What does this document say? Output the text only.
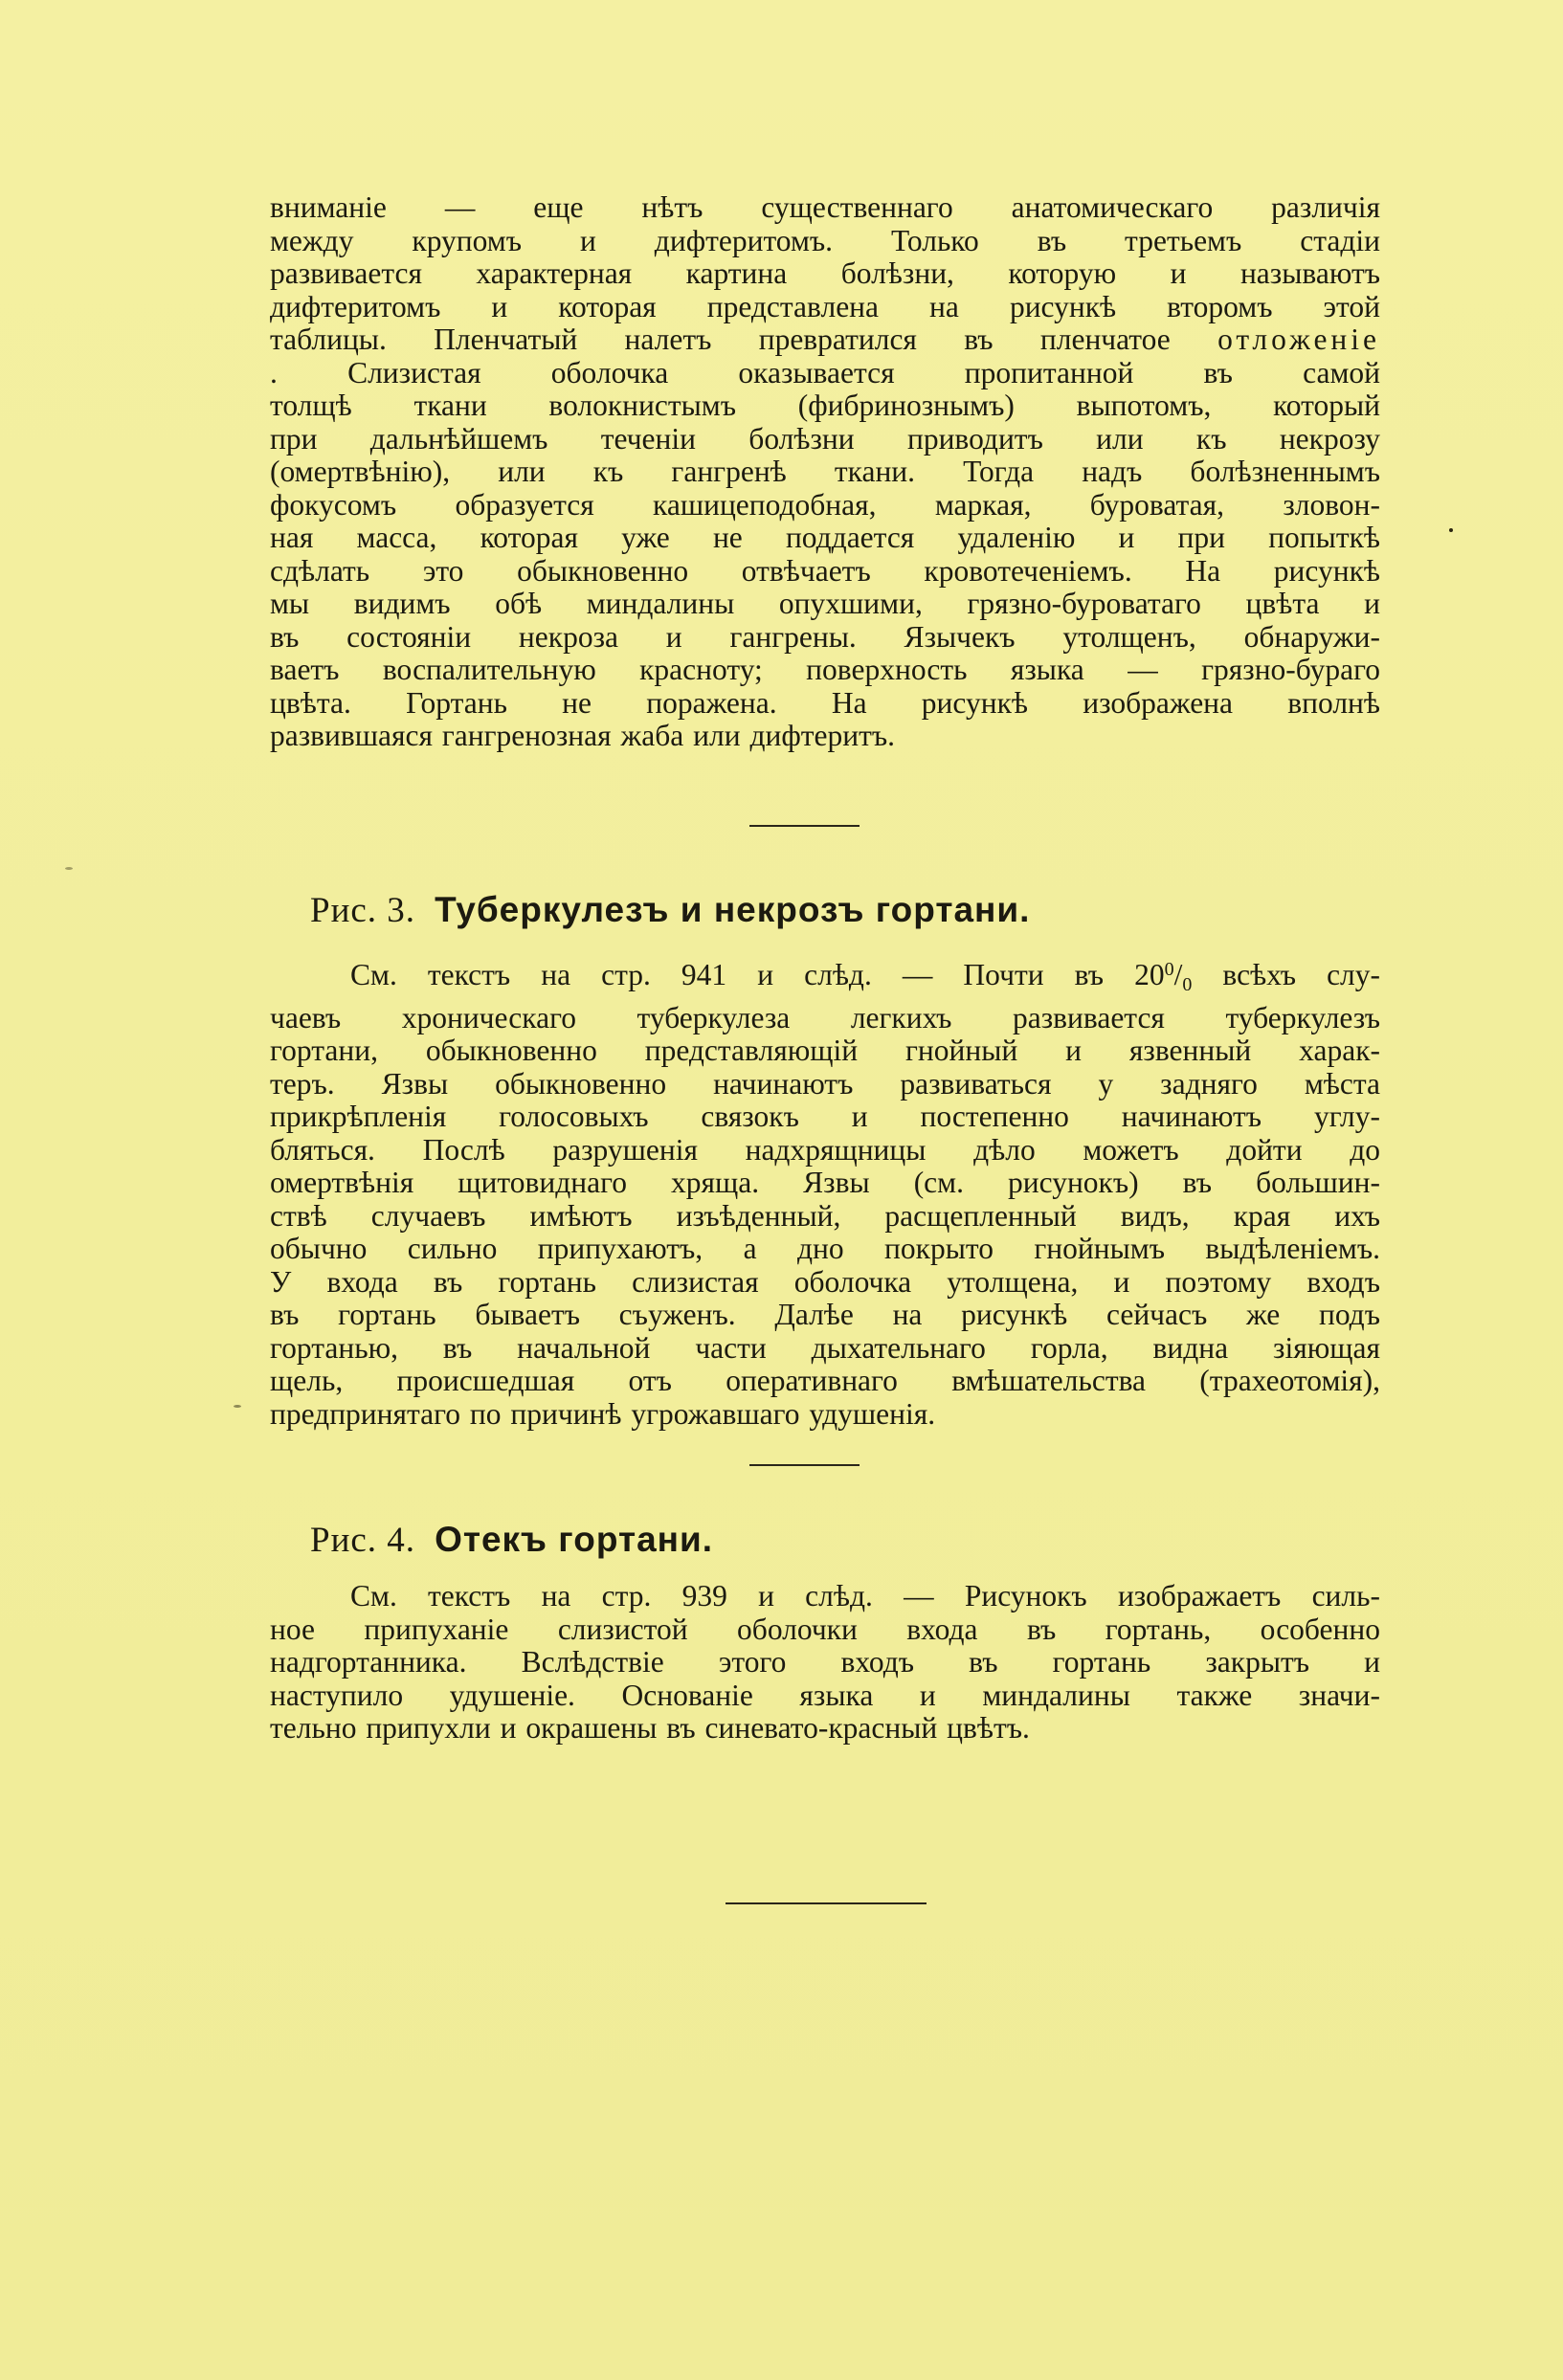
вниманіе — еще нѣтъ существеннаго анатомическаго различія

между крупомъ и дифтеритомъ. Только въ третьемъ стадіи

развивается характерная картина болѣзни, которую и называютъ

дифтеритомъ и которая представлена на рисункѣ второмъ этой

таблицы. Пленчатый налетъ превратился въ пленчатое отложеніе

. Слизистая оболочка оказывается пропитанной въ самой

толщѣ ткани волокнистымъ (фибринознымъ) выпотомъ, который

при дальнѣйшемъ теченіи болѣзни приводитъ или къ некрозу

(омертвѣнію), или къ гангренѣ ткани. Тогда надъ болѣзненнымъ

фокусомъ образуется кашицеподобная, маркая, буроватая, зловон-

ная масса, которая уже не поддается удаленію и при попыткѣ

сдѣлать это обыкновенно отвѣчаетъ кровотеченіемъ. На рисункѣ

мы видимъ обѣ миндалины опухшими, грязно-буроватаго цвѣта и

въ состояніи некроза и гангрены. Язычекъ утолщенъ, обнаружи-

ваетъ воспалительную красноту; поверхность языка — грязно-бураго

цвѣта. Гортань не поражена. На рисункѣ изображена вполнѣ

развившаяся гангренозная жаба или дифтеритъ.

Рис. 3. Туберкулезъ и некрозъ гортани.

См. текстъ на стр. 941 и слѣд. — Почти въ $20^0/_0$ всѣхъ слу-

чаевъ хроническаго туберкулеза легкихъ развивается туберкулезъ

гортани, обыкновенно представляющій гнойный и язвенный харак-

теръ. Язвы обыкновенно начинаютъ развиваться у задняго мѣста

прикрѣпленія голосовыхъ связокъ и постепенно начинаютъ углу-

бляться. Послѣ разрушенія надхрящницы дѣло можетъ дойти до

омертвѣнія щитовиднаго хряща. Язвы (см. рисунокъ) въ большин-

ствѣ случаевъ имѣютъ изъѣденный, расщепленный видъ, края ихъ

обычно сильно припухаютъ, а дно покрыто гнойнымъ выдѣленіемъ.

У входа въ гортань слизистая оболочка утолщена, и поэтому входъ

въ гортань бываетъ съуженъ. Далѣе на рисункѣ сейчасъ же подъ

гортанью, въ начальной части дыхательнаго горла, видна зіяющая

щель, происшедшая отъ оперативнаго вмѣшательства (трахеотомія),

предпринятаго по причинѣ угрожавшаго удушенія.

Рис. 4. Отекъ гортани.

См. текстъ на стр. 939 и слѣд. — Рисунокъ изображаетъ силь-

ное припуханіе слизистой оболочки входа въ гортань, особенно

надгортанника. Вслѣдствіе этого входъ въ гортань закрытъ и

наступило удушеніе. Основаніе языка и миндалины также значи-

тельно припухли и окрашены въ синевато-красный цвѣтъ.
